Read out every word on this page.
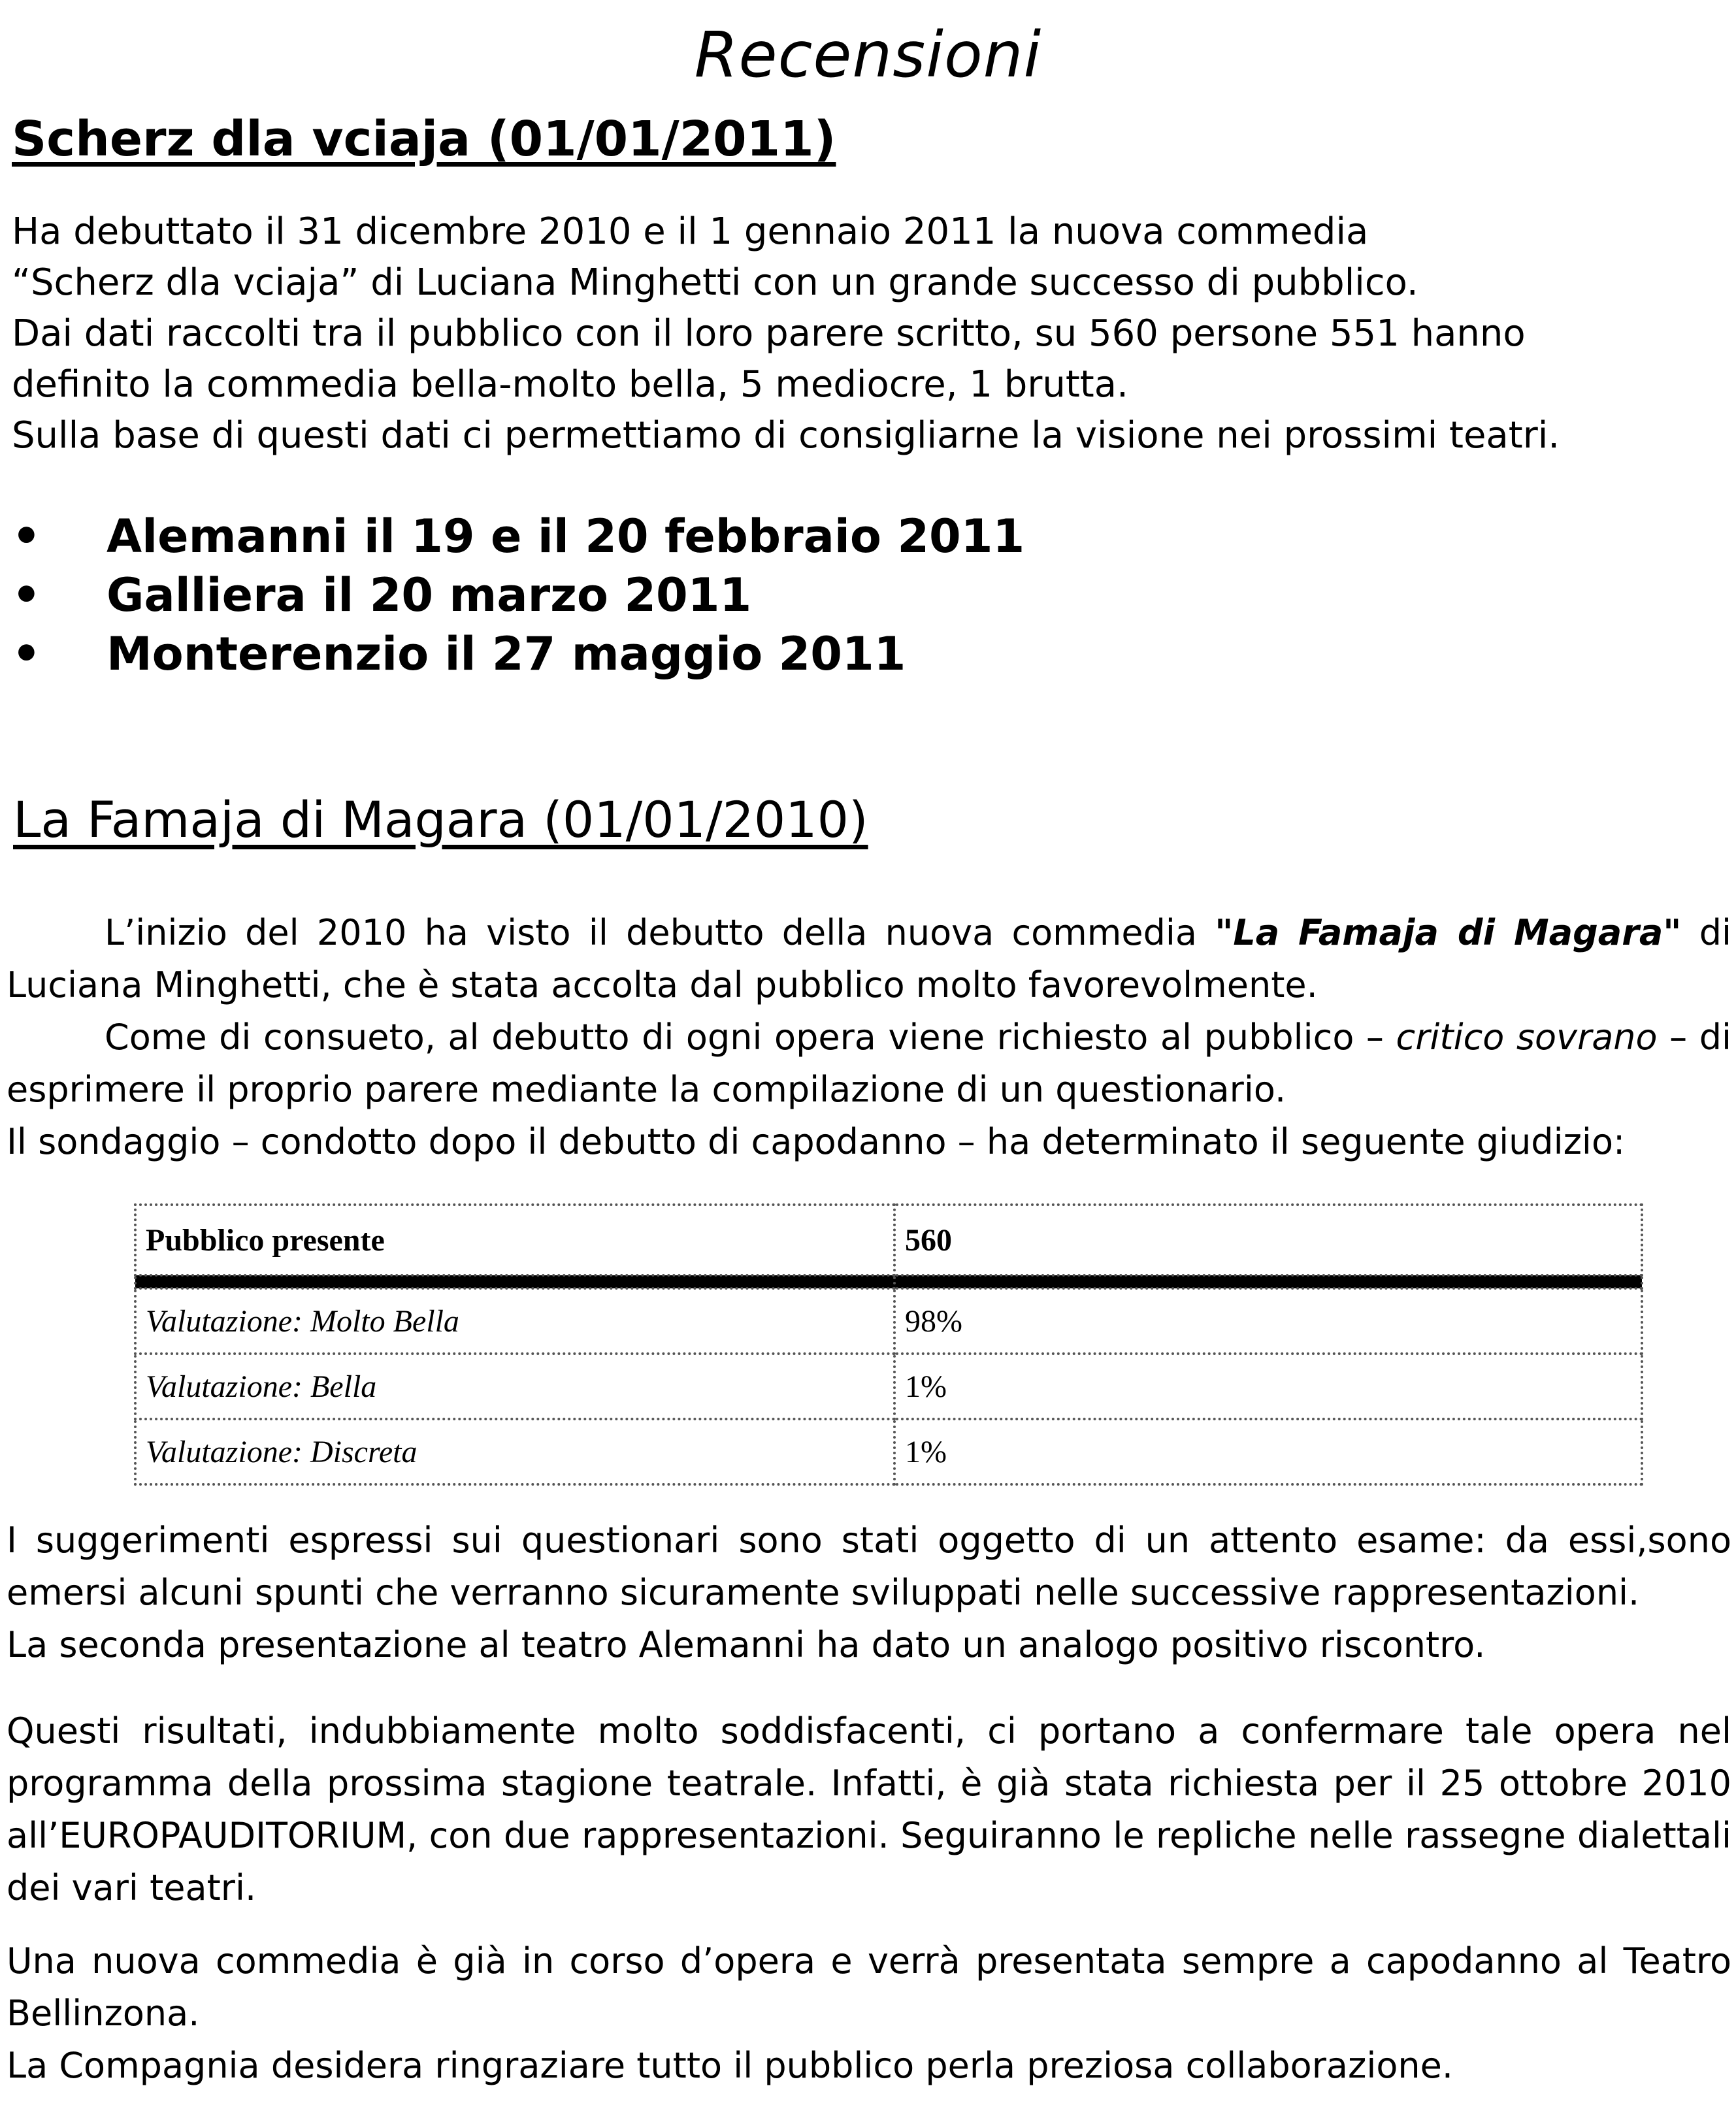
Recensioni
Scherz dla vciaja (01/01/2011)

Ha debuttato il 31 dicembre 2010 e il 1 gennaio 2011 la nuova commedia

“Scherz dla vciaja” di Luciana Minghetti con un grande successo di pubblico.

Dai dati raccolti tra il pubblico con il loro parere scritto, su 560 persone 551 hanno

definito la commedia bella-molto bella, 5 mediocre, 1 brutta.

Sulla base di questi dati ci permettiamo di consigliarne la visione nei prossimi teatri.

• Alemanni il 19 e il 20 febbraio 2011
• Galliera il 20 marzo 2011
• Monterenzio il 27 maggio 2011
La Famaja di Magara (01/01/2010)

L’inizio del 2010 ha visto il debutto della nuova commedia "La Famaja di Magara" di Luciana Minghetti, che è stata accolta dal pubblico molto favorevolmente.

Come di consueto, al debutto di ogni opera viene richiesto al pubblico – critico sovrano – di esprimere il proprio parere mediante la compilazione di un questionario.

Il sondaggio – condotto dopo il debutto di capodanno – ha determinato il seguente giudizio:

Pubblico presente	560

Valutazione: Molto Bella	98%
Valutazione: Bella	1%
Valutazione: Discreta	1%

I suggerimenti espressi sui questionari sono stati oggetto di un attento esame: da essi,sono emersi alcuni spunti che verranno sicuramente sviluppati nelle successive rappresentazioni.

La seconda presentazione al teatro Alemanni ha dato un analogo positivo riscontro.

Questi risultati, indubbiamente molto soddisfacenti, ci portano a confermare tale opera nel programma della prossima stagione teatrale. Infatti, è già stata richiesta per il 25 ottobre 2010 all’EUROPAUDITORIUM, con due rappresentazioni. Seguiranno le repliche nelle rassegne dialettali dei vari teatri.

Una nuova commedia è già in corso d’opera e verrà presentata sempre a capodanno al Teatro Bellinzona.

La Compagnia desidera ringraziare tutto il pubblico perla preziosa collaborazione.
